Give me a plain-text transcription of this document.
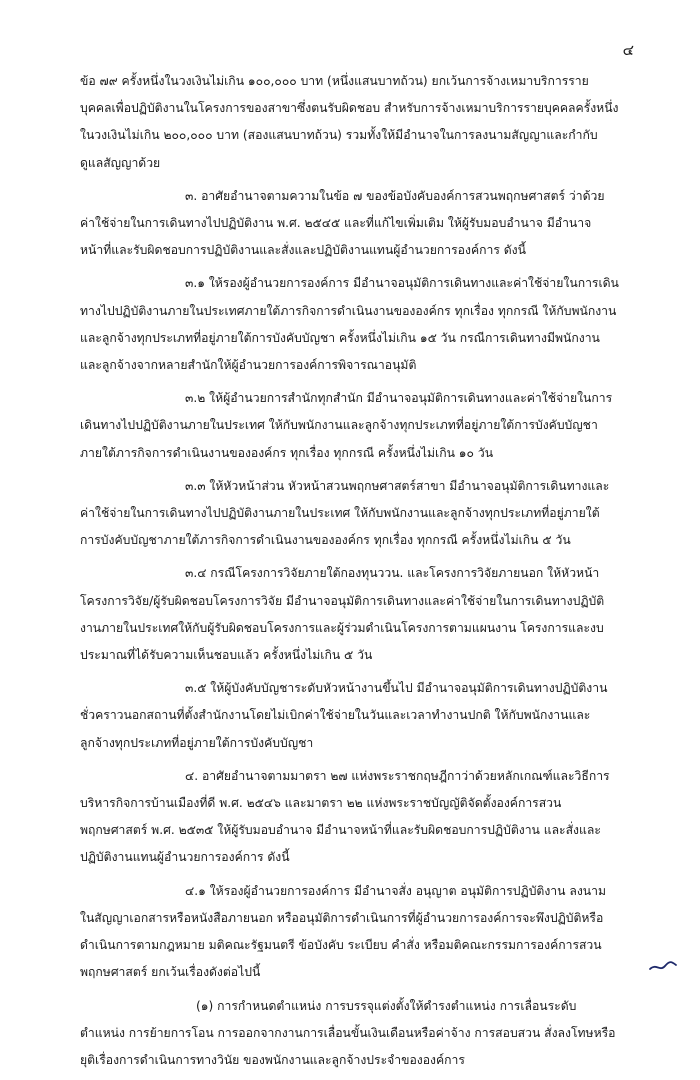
๔

ข้อ ๗๙ ครั้งหนึ่งในวงเงินไม่เกิน ๑๐๐,๐๐๐ บาท (หนึ่งแสนบาทถ้วน) ยกเว้นการจ้างเหมาบริการรายบุคคลเพื่อปฏิบัติงานในโครงการของสาขาซึ่งตนรับผิดชอบ สำหรับการจ้างเหมาบริการรายบุคคลครั้งหนึ่งในวงเงินไม่เกิน ๒๐๐,๐๐๐ บาท (สองแสนบาทถ้วน) รวมทั้งให้มีอำนาจในการลงนามสัญญาและกำกับดูแลสัญญาด้วย

๓. อาศัยอำนาจตามความในข้อ ๗ ของข้อบังคับองค์การสวนพฤกษศาสตร์ ว่าด้วย ค่าใช้จ่ายในการเดินทางไปปฏิบัติงาน พ.ศ. ๒๕๔๕ และที่แก้ไขเพิ่มเติม ให้ผู้รับมอบอำนาจ มีอำนาจหน้าที่และรับผิดชอบการปฏิบัติงานและสั่งและปฏิบัติงานแทนผู้อำนวยการองค์การ ดังนี้

๓.๑ ให้รองผู้อำนวยการองค์การ มีอำนาจอนุมัติการเดินทางและค่าใช้จ่ายในการเดินทางไปปฏิบัติงานภายในประเทศภายใต้ภารกิจการดำเนินงานขององค์กร ทุกเรื่อง ทุกกรณี ให้กับพนักงานและลูกจ้างทุกประเภทที่อยู่ภายใต้การบังคับบัญชา ครั้งหนึ่งไม่เกิน ๑๕ วัน กรณีการเดินทางมีพนักงานและลูกจ้างจากหลายสำนักให้ผู้อำนวยการองค์การพิจารณาอนุมัติ

๓.๒ ให้ผู้อำนวยการสำนักทุกสำนัก มีอำนาจอนุมัติการเดินทางและค่าใช้จ่ายในการเดินทางไปปฏิบัติงานภายในประเทศ ให้กับพนักงานและลูกจ้างทุกประเภทที่อยู่ภายใต้การบังคับบัญชา ภายใต้ภารกิจการดำเนินงานขององค์กร ทุกเรื่อง ทุกกรณี ครั้งหนึ่งไม่เกิน ๑๐ วัน

๓.๓ ให้หัวหน้าส่วน หัวหน้าสวนพฤกษศาสตร์สาขา มีอำนาจอนุมัติการเดินทางและค่าใช้จ่ายในการเดินทางไปปฏิบัติงานภายในประเทศ ให้กับพนักงานและลูกจ้างทุกประเภทที่อยู่ภายใต้การบังคับบัญชาภายใต้ภารกิจการดำเนินงานขององค์กร ทุกเรื่อง ทุกกรณี ครั้งหนึ่งไม่เกิน ๕ วัน

๓.๔ กรณีโครงการวิจัยภายใต้กองทุนววน. และโครงการวิจัยภายนอก ให้หัวหน้าโครงการวิจัย/ผู้รับผิดชอบโครงการวิจัย มีอำนาจอนุมัติการเดินทางและค่าใช้จ่ายในการเดินทางปฏิบัติงานภายในประเทศให้กับผู้รับผิดชอบโครงการและผู้ร่วมดำเนินโครงการตามแผนงาน โครงการและงบประมาณที่ได้รับความเห็นชอบแล้ว ครั้งหนึ่งไม่เกิน ๕ วัน

๓.๕ ให้ผู้บังคับบัญชาระดับหัวหน้างานขึ้นไป มีอำนาจอนุมัติการเดินทางปฏิบัติงานชั่วคราวนอกสถานที่ตั้งสำนักงานโดยไม่เบิกค่าใช้จ่ายในวันและเวลาทำงานปกติ ให้กับพนักงานและลูกจ้างทุกประเภทที่อยู่ภายใต้การบังคับบัญชา

๔. อาศัยอำนาจตามมาตรา ๒๗ แห่งพระราชกฤษฎีกาว่าด้วยหลักเกณฑ์และวิธีการบริหารกิจการบ้านเมืองที่ดี พ.ศ. ๒๕๔๖ และมาตรา ๒๒ แห่งพระราชบัญญัติจัดตั้งองค์การสวนพฤกษศาสตร์ พ.ศ. ๒๕๓๕ ให้ผู้รับมอบอำนาจ มีอำนาจหน้าที่และรับผิดชอบการปฏิบัติงาน และสั่งและปฏิบัติงานแทนผู้อำนวยการองค์การ ดังนี้

๔.๑ ให้รองผู้อำนวยการองค์การ มีอำนาจสั่ง อนุญาต อนุมัติการปฏิบัติงาน ลงนามในสัญญาเอกสารหรือหนังสือภายนอก หรืออนุมัติการดำเนินการที่ผู้อำนวยการองค์การจะพึงปฏิบัติหรือดำเนินการตามกฎหมาย มติคณะรัฐมนตรี ข้อบังคับ ระเบียบ คำสั่ง หรือมติคณะกรรมการองค์การสวนพฤกษศาสตร์ ยกเว้นเรื่องดังต่อไปนี้

(๑) การกำหนดตำแหน่ง การบรรจุแต่งตั้งให้ดำรงตำแหน่ง การเลื่อนระดับตำแหน่ง การย้ายการโอน การออกจากงานการเลื่อนขั้นเงินเดือนหรือค่าจ้าง การสอบสวน สั่งลงโทษหรือยุติเรื่องการดำเนินการทางวินัย ของพนักงานและลูกจ้างประจำขององค์การ
